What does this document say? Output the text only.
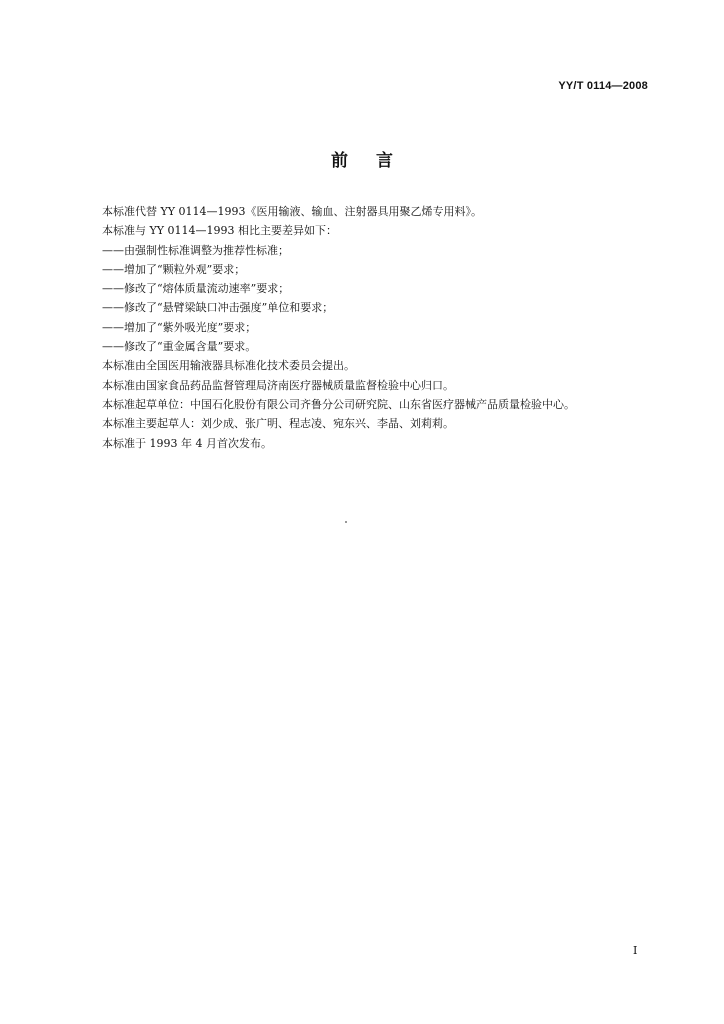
YY/T 0114—2008
前 言
本标准代替 YY 0114—1993《医用输液、输血、注射器具用聚乙烯专用料》。
本标准与 YY 0114—1993 相比主要差异如下：
——由强制性标准调整为推荐性标准；
——增加了“颗粒外观”要求；
——修改了“熔体质量流动速率”要求；
——修改了“悬臂梁缺口冲击强度”单位和要求；
——增加了“紫外吸光度”要求；
——修改了“重金属含量”要求。
本标准由全国医用输液器具标准化技术委员会提出。
本标准由国家食品药品监督管理局济南医疗器械质量监督检验中心归口。
本标准起草单位：中国石化股份有限公司齐鲁分公司研究院、山东省医疗器械产品质量检验中心。
本标准主要起草人：刘少成、张广明、程志凌、宛东兴、李晶、刘莉莉。
本标准于 1993 年 4 月首次发布。
I
